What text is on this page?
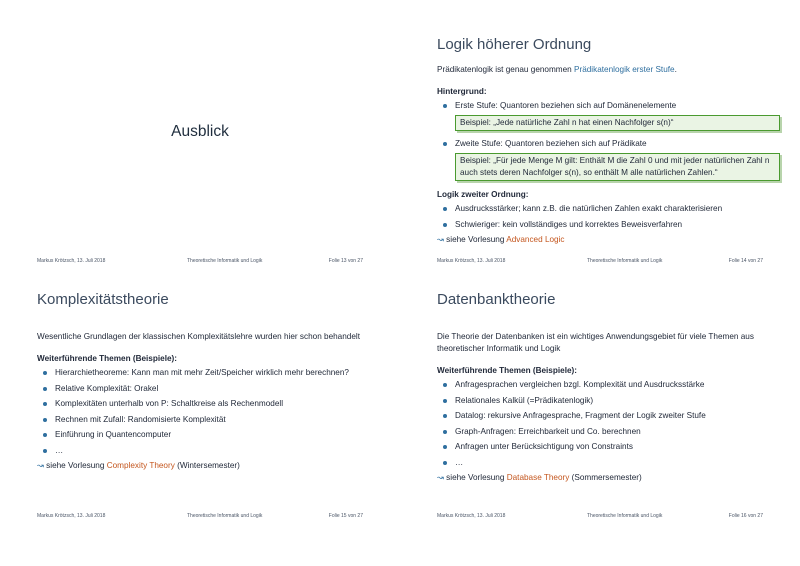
Ausblick
Markus Krötzsch, 13. Juli 2018	Theoretische Informatik und Logik	Folie 13 von 27
Logik höherer Ordnung
Prädikatenlogik ist genau genommen Prädikatenlogik erster Stufe.
Hintergrund:
Erste Stufe: Quantoren beziehen sich auf Domänenelemente
Beispiel: „Jede natürliche Zahl n hat einen Nachfolger s(n)“
Zweite Stufe: Quantoren beziehen sich auf Prädikate
Beispiel: „Für jede Menge M gilt: Enthält M die Zahl 0 und mit jeder natürlichen Zahl n auch stets deren Nachfolger s(n), so enthält M alle natürlichen Zahlen.“
Logik zweiter Ordnung:
Ausdrucksstärker; kann z.B. die natürlichen Zahlen exakt charakterisieren
Schwieriger: kein vollständiges und korrektes Beweisverfahren
↝ siehe Vorlesung Advanced Logic
Markus Krötzsch, 13. Juli 2018	Theoretische Informatik und Logik	Folie 14 von 27
Komplexitätstheorie
Wesentliche Grundlagen der klassischen Komplexitätslehre wurden hier schon behandelt
Weiterführende Themen (Beispiele):
Hierarchietheoreme: Kann man mit mehr Zeit/Speicher wirklich mehr berechnen?
Relative Komplexität: Orakel
Komplexitäten unterhalb von P: Schaltkreise als Rechenmodell
Rechnen mit Zufall: Randomisierte Komplexität
Einführung in Quantencomputer
…
↝ siehe Vorlesung Complexity Theory (Wintersemester)
Markus Krötzsch, 13. Juli 2018	Theoretische Informatik und Logik	Folie 15 von 27
Datenbanktheorie
Die Theorie der Datenbanken ist ein wichtiges Anwendungsgebiet für viele Themen aus theoretischer Informatik und Logik
Weiterführende Themen (Beispiele):
Anfragesprachen vergleichen bzgl. Komplexität und Ausdrucksstärke
Relationales Kalkül (=Prädikatenlogik)
Datalog: rekursive Anfragesprache, Fragment der Logik zweiter Stufe
Graph-Anfragen: Erreichbarkeit und Co. berechnen
Anfragen unter Berücksichtigung von Constraints
…
↝ siehe Vorlesung Database Theory (Sommersemester)
Markus Krötzsch, 13. Juli 2018	Theoretische Informatik und Logik	Folie 16 von 27
